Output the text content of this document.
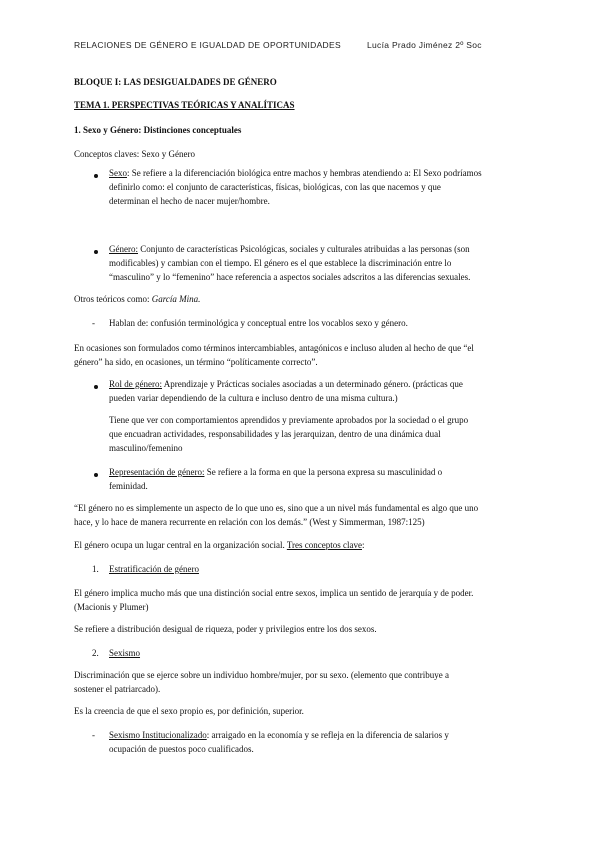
RELACIONES DE GÉNERO E IGUALDAD DE OPORTUNIDADES	Lucía Prado Jiménez 2º Soc
BLOQUE I: LAS DESIGUALDADES DE GÉNERO
TEMA 1. PERSPECTIVAS TEÓRICAS Y ANALÍTICAS
1. Sexo y Género: Distinciones conceptuales
Conceptos claves: Sexo y Género
Sexo: Se refiere a la diferenciación biológica entre machos y hembras atendiendo a: El Sexo podríamos
definirlo como: el conjunto de características, físicas, biológicas, con las que nacemos y que
determinan el hecho de nacer mujer/hombre.
Género: Conjunto de características Psicológicas, sociales y culturales atribuidas a las personas (son
modificables) y cambian con el tiempo. El género es el que establece la discriminación entre lo
“masculino” y lo “femenino” hace referencia a aspectos sociales adscritos a las diferencias sexuales.
Otros teóricos como: García Mina.
- Hablan de: confusión terminológica y conceptual entre los vocablos sexo y género.
En ocasiones son formulados como términos intercambiables, antagónicos e incluso aluden al hecho de que “el
género” ha sido, en ocasiones, un término “políticamente correcto”.
Rol de género: Aprendizaje y Prácticas sociales asociadas a un determinado género. (prácticas que
pueden variar dependiendo de la cultura e incluso dentro de una misma cultura.)
Tiene que ver con comportamientos aprendidos y previamente aprobados por la sociedad o el grupo
que encuadran actividades, responsabilidades y las jerarquizan, dentro de una dinámica dual
masculino/femenino
Representación de género: Se refiere a la forma en que la persona expresa su masculinidad o
feminidad.
“El género no es simplemente un aspecto de lo que uno es, sino que a un nivel más fundamental es algo que uno
hace, y lo hace de manera recurrente en relación con los demás.” (West y Simmerman, 1987:125)
El género ocupa un lugar central en la organización social. Tres conceptos clave:
1. Estratificación de género
El género implica mucho más que una distinción social entre sexos, implica un sentido de jerarquía y de poder.
(Macionis y Plumer)
Se refiere a distribución desigual de riqueza, poder y privilegios entre los dos sexos.
2. Sexismo
Discriminación que se ejerce sobre un individuo hombre/mujer, por su sexo. (elemento que contribuye a
sostener el patriarcado).
Es la creencia de que el sexo propio es, por definición, superior.
- Sexismo Institucionalizado: arraigado en la economía y se refleja en la diferencia de salarios y
ocupación de puestos poco cualificados.
